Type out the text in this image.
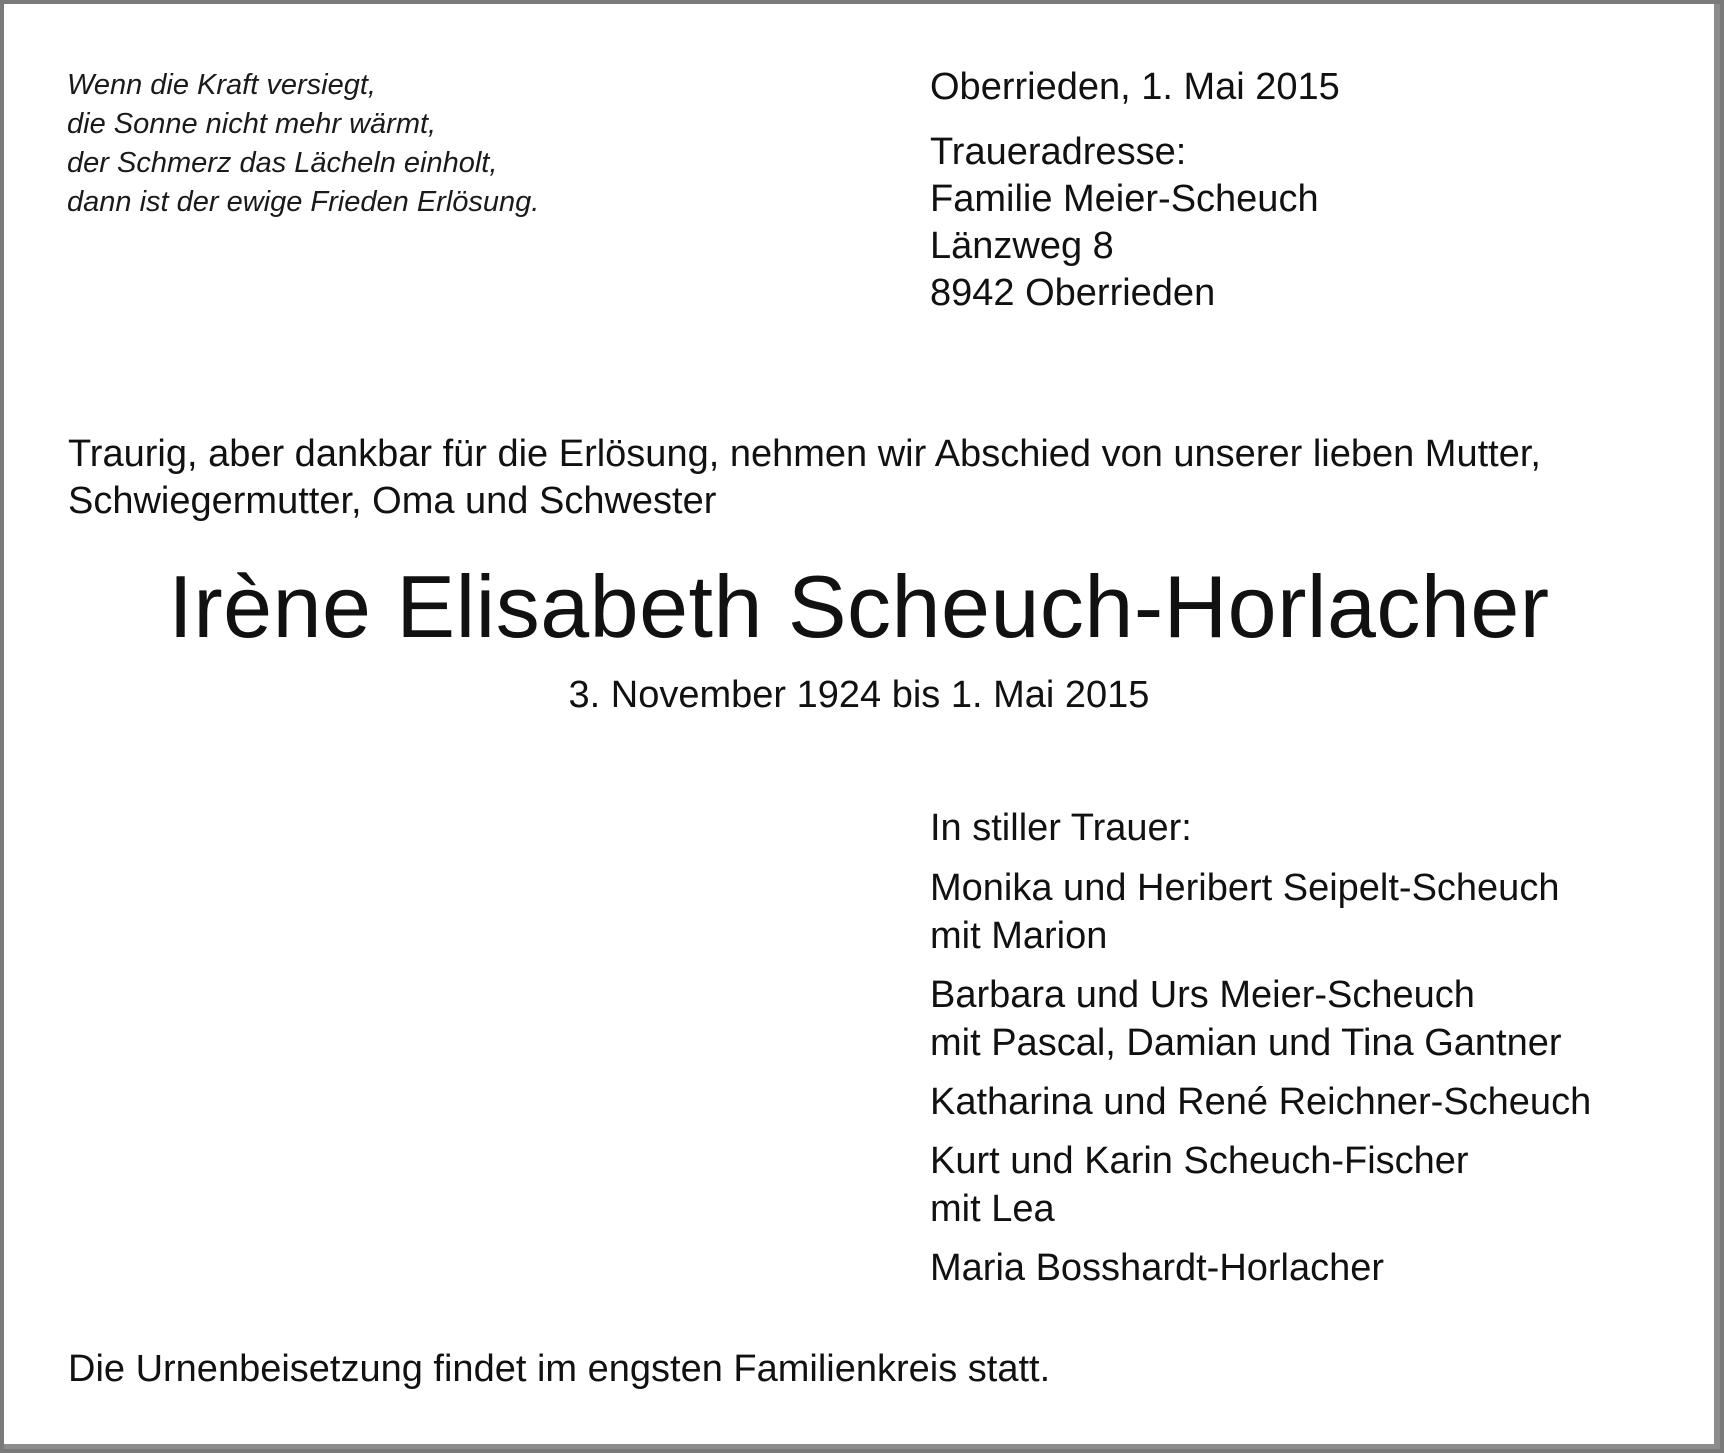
Wenn die Kraft versiegt,
die Sonne nicht mehr wärmt,
der Schmerz das Lächeln einholt,
dann ist der ewige Frieden Erlösung.
Oberrieden, 1. Mai 2015
Traueradresse:
Familie Meier-Scheuch
Länzweg 8
8942 Oberrieden
Traurig, aber dankbar für die Erlösung, nehmen wir Abschied von unserer lieben Mutter,
Schwiegermutter, Oma und Schwester
Irène Elisabeth Scheuch-Horlacher
3. November 1924 bis 1. Mai 2015
In stiller Trauer:
Monika und Heribert Seipelt-Scheuch
mit Marion
Barbara und Urs Meier-Scheuch
mit Pascal, Damian und Tina Gantner
Katharina und René Reichner-Scheuch
Kurt und Karin Scheuch-Fischer
mit Lea
Maria Bosshardt-Horlacher
Die Urnenbeisetzung findet im engsten Familienkreis statt.
